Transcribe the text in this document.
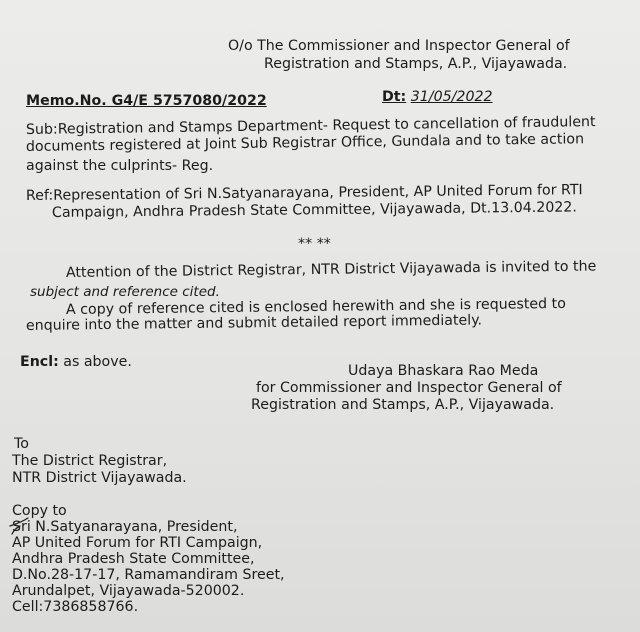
O/o The Commissioner and Inspector General of
Registration and Stamps, A.P., Vijayawada.
Memo.No. G4/E 5757080/2022	Dt: 31/05/2022
Sub:Registration and Stamps Department- Request to cancellation of fraudulent
documents registered at Joint Sub Registrar Office, Gundala and to take action
against the culprints- Reg.
Ref:Representation of Sri N.Satyanarayana, President, AP United Forum for RTI
Campaign, Andhra Pradesh State Committee, Vijayawada, Dt.13.04.2022.
** **
Attention of the District Registrar, NTR District Vijayawada is invited to the
subject and reference cited.
A copy of reference cited is enclosed herewith and she is requested to
enquire into the matter and submit detailed report immediately.
Encl: as above.
Udaya Bhaskara Rao Meda
for Commissioner and Inspector General of
Registration and Stamps, A.P., Vijayawada.
To
The District Registrar,
NTR District Vijayawada.
Copy to
Sri N.Satyanarayana, President,
AP United Forum for RTI Campaign,
Andhra Pradesh State Committee,
D.No.28-17-17, Ramamandiram Sreet,
Arundalpet, Vijayawada-520002.
Cell:7386858766.
